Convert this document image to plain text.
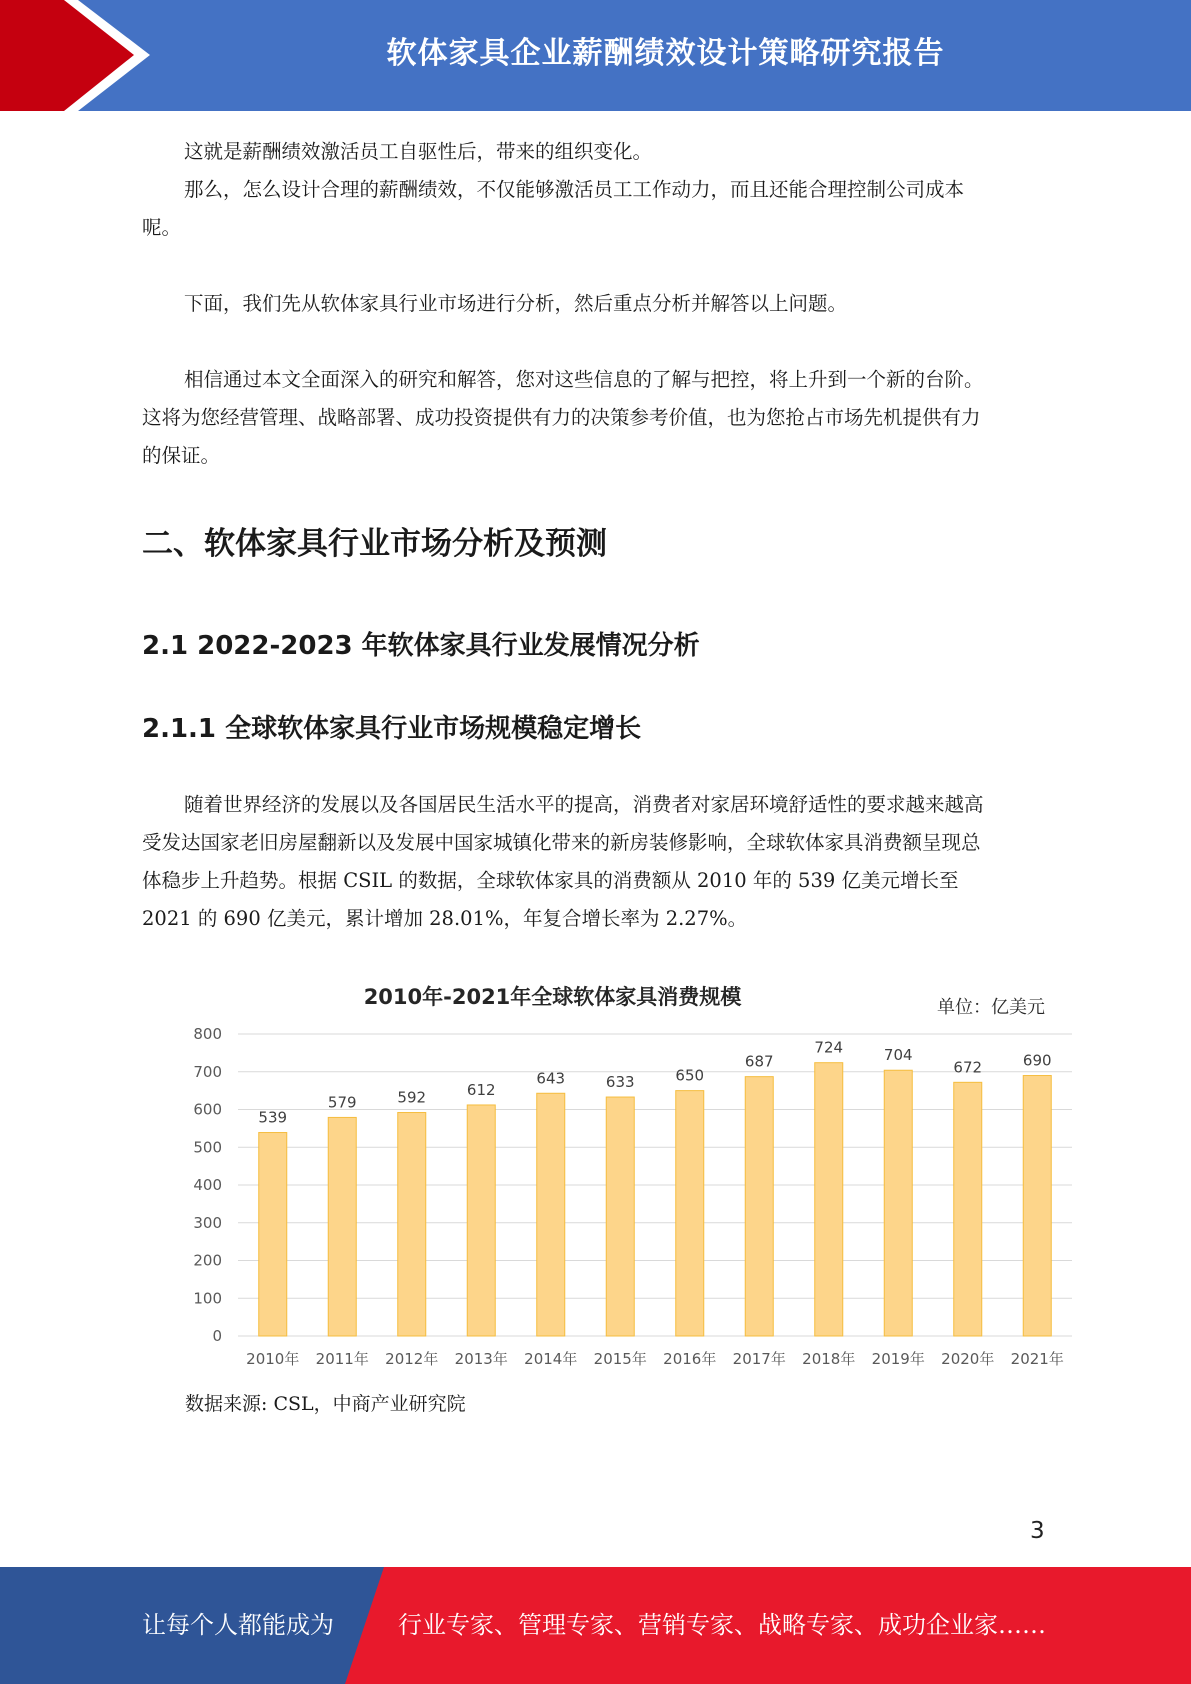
软体家具企业薪酬绩效设计策略研究报告
这就是薪酬绩效激活员工自驱性后，带来的组织变化。
那么，怎么设计合理的薪酬绩效，不仅能够激活员工工作动力，而且还能合理控制公司成本
呢。
下面，我们先从软体家具行业市场进行分析，然后重点分析并解答以上问题。
相信通过本文全面深入的研究和解答，您对这些信息的了解与把控，将上升到一个新的台阶。
这将为您经营管理、战略部署、成功投资提供有力的决策参考价值，也为您抢占市场先机提供有力
的保证。
二、软体家具行业市场分析及预测
2.1 2022-2023 年软体家具行业发展情况分析
2.1.1 全球软体家具行业市场规模稳定增长
随着世界经济的发展以及各国居民生活水平的提高，消费者对家居环境舒适性的要求越来越高
受发达国家老旧房屋翻新以及发展中国家城镇化带来的新房装修影响，全球软体家具消费额呈现总
体稳步上升趋势。根据 CSIL 的数据，全球软体家具的消费额从 2010 年的 539 亿美元增长至
2021 的 690 亿美元，累计增加 28.01%，年复合增长率为 2.27%。
0
100
200
300
400
500
600
700
800
539
579	592	612
643	633	650
687
724	704
672	690
2010年 2011年 2012年 2013年 2014年 2015年 2016年 2017年 2018年 2019年 2020年 2021年
2010年-2021年全球软体家具消费规模	单位：亿美元
数据来源: CSL，中商产业研究院
3
让每个人都能成为	行业专家、管理专家、营销专家、战略专家、成功企业家……
